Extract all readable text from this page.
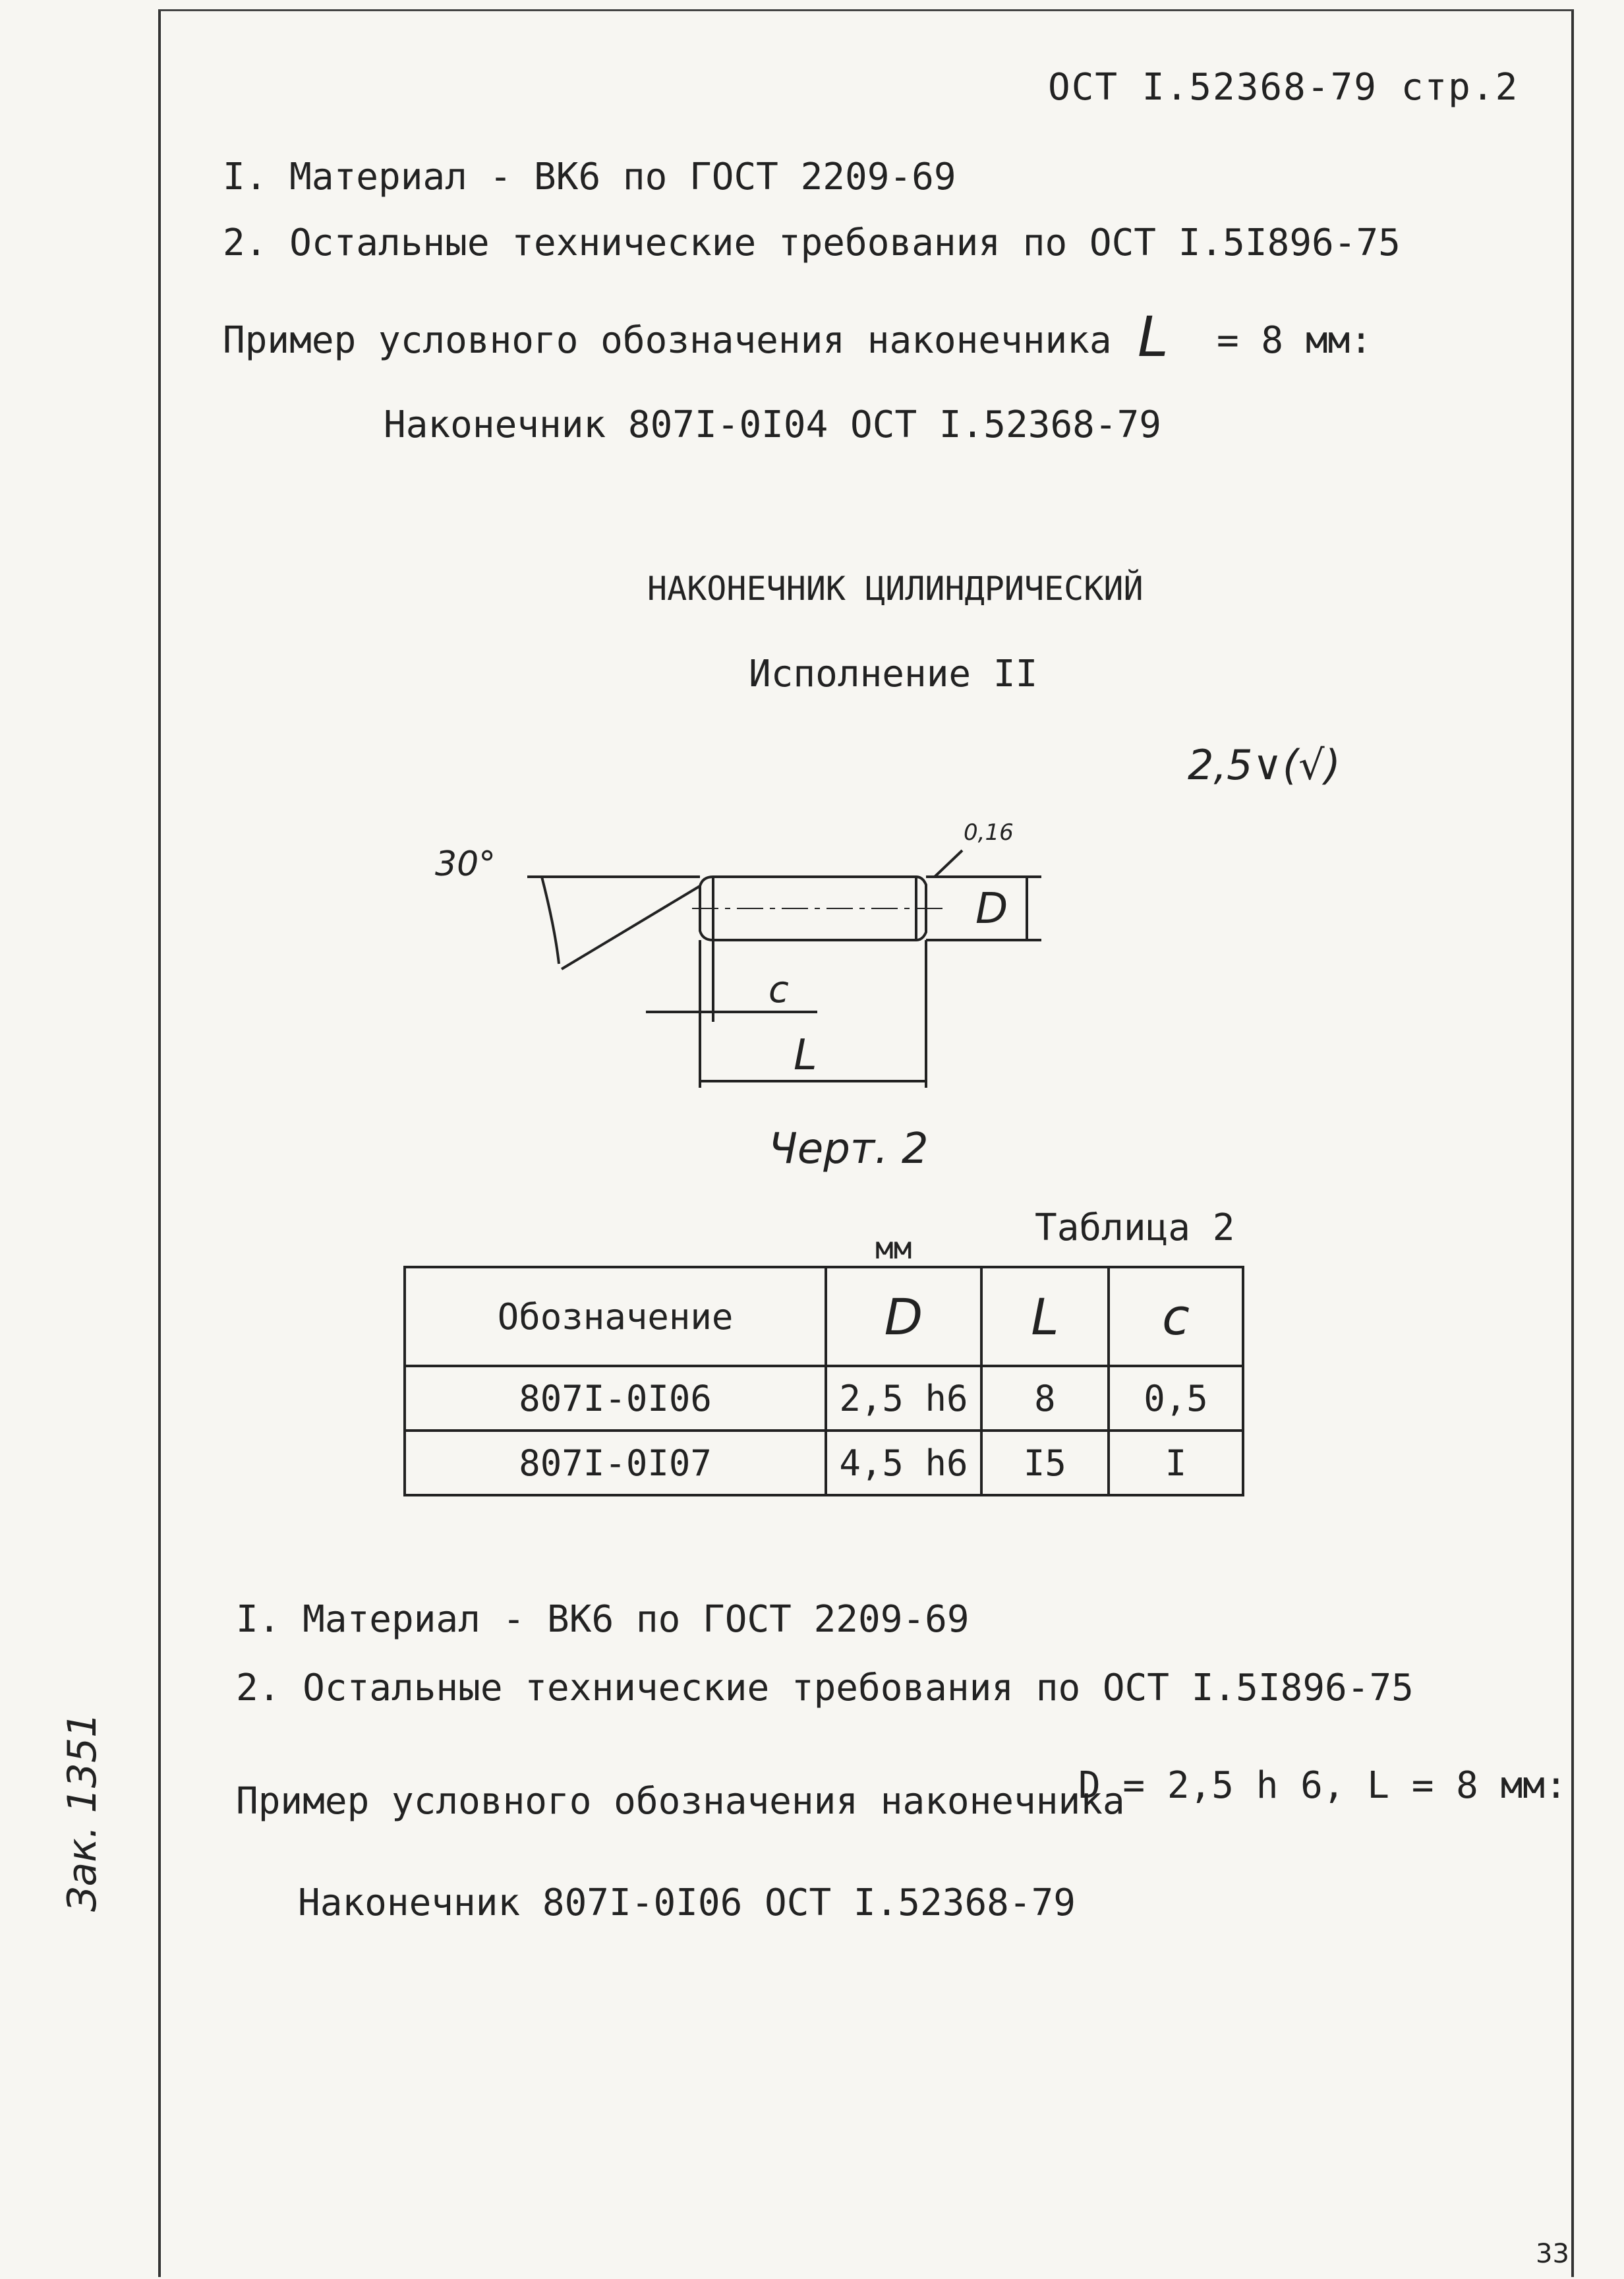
ОСТ I.52368-79 стр.2
I. Материал - ВК6 по ГОСТ 2209-69
2. Остальные технические требования по ОСТ I.5I896-75
Пример условного обозначения наконечника L = 8 мм:
Наконечник 807I-0I04 ОСТ I.52368-79
НАКОНЕЧНИК ЦИЛИНДРИЧЕСКИЙ
Исполнение II
2,5∨(√)
30°
0,16
D
c
L
Черт. 2
мм	Таблица 2
Обозначение	D	L	c
807I-0I06	2,5 h6	8	0,5
807I-0I07	4,5 h6	I5	I
I. Материал - ВК6 по ГОСТ 2209-69
2. Остальные технические требования по ОСТ I.5I896-75
Пример условного обозначения наконечника
D = 2,5 h 6, L = 8 мм:
Наконечник 807I-0I06 ОСТ I.52368-79
Зак. 1351
33
